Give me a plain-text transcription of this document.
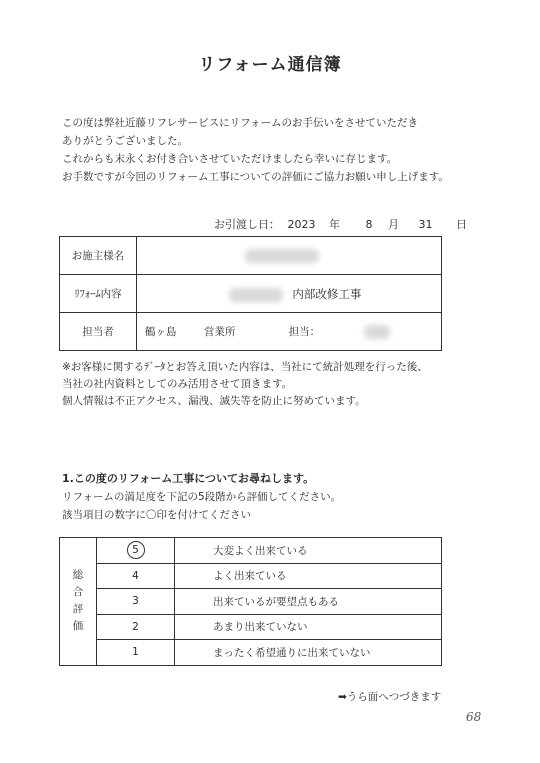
リフォーム通信簿
この度は弊社近藤リフレサービスにリフォームのお手伝いをさせていただき
ありがとうございました。
これからも末永くお付き合いさせていただけましたら幸いに存じます。
お手数ですが今回のリフォーム工事についての評価にご協力お願い申し上げます。
お引渡し日： 2023 年 8 月 31 日
お施主様名	
ﾘﾌｫｰﾑ内容	内部改修工事
担当者	鶴ヶ島 営業所 担当：
※お客様に関するﾃﾞｰﾀとお答え頂いた内容は、当社にて統計処理を行った後、
当社の社内資料としてのみ活用させて頂きます。
個人情報は不正アクセス、漏洩、滅失等を防止に努めています。
1.この度のリフォーム工事についてお尋ねします。
リフォームの満足度を下記の5段階から評価してください。
該当項目の数字に〇印を付けてください
総
合
評
価	5	大変よく出来ている
	4	よく出来ている
	3	出来ているが要望点もある
	2	あまり出来ていない
	1	まったく希望通りに出来ていない
➡うら面へつづきます
68
